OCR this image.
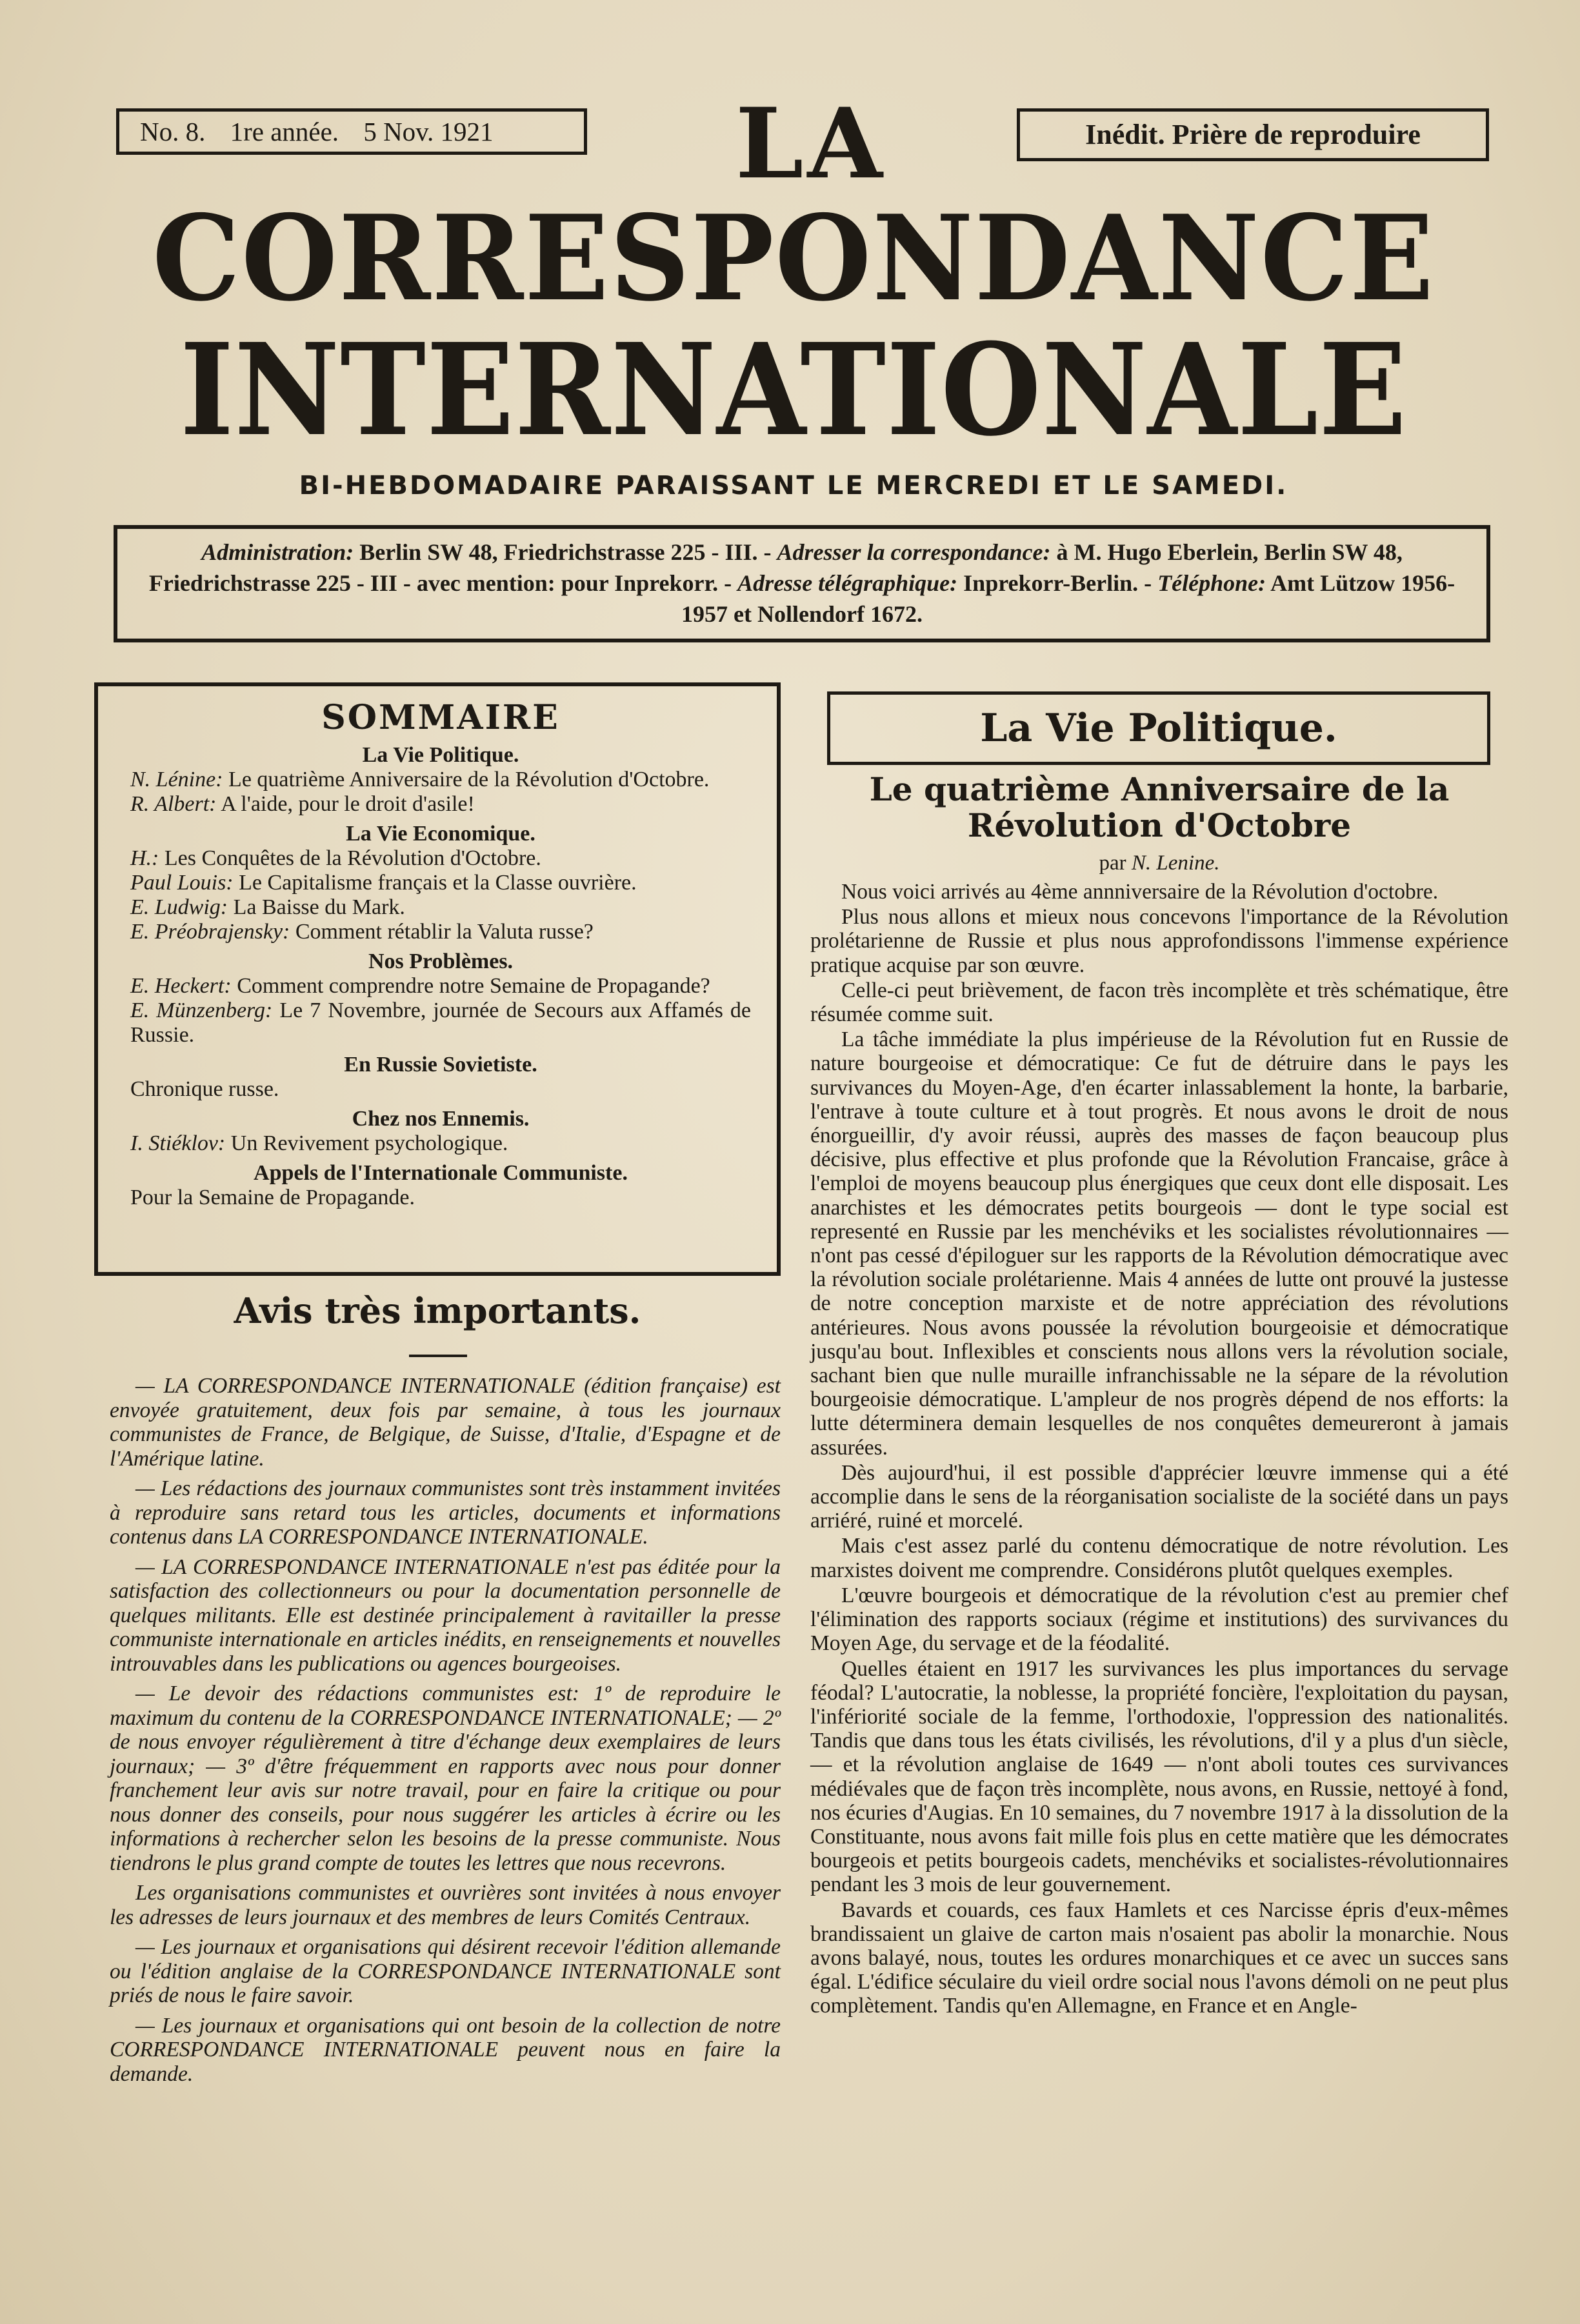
No. 8. 1re année. 5 Nov. 1921	Inédit. Prière de reproduire
LA
CORRESPONDANCE
INTERNATIONALE
BI-HEBDOMADAIRE PARAISSANT LE MERCREDI ET LE SAMEDI.
Administration: Berlin SW 48, Friedrichstrasse 225 - III. - Adresser la correspondance: à M. Hugo Eberlein, Berlin SW 48, Friedrichstrasse 225 - III - avec mention: pour Inprekorr. - Adresse télégraphique: Inprekorr-Berlin. - Téléphone: Amt Lützow 1956-1957 et Nollendorf 1672.
SOMMAIRE
La Vie Politique.
N. Lénine: Le quatrième Anniversaire de la Révolution d'Octobre.
R. Albert: A l'aide, pour le droit d'asile!
La Vie Economique.
H.: Les Conquêtes de la Révolution d'Octobre.
Paul Louis: Le Capitalisme français et la Classe ouvrière.
E. Ludwig: La Baisse du Mark.
E. Préobrajensky: Comment rétablir la Valuta russe?
Nos Problèmes.
E. Heckert: Comment comprendre notre Semaine de Propagande?
E. Münzenberg: Le 7 Novembre, journée de Secours aux Affamés de Russie.
En Russie Sovietiste.
Chronique russe.
Chez nos Ennemis.
I. Stiéklov: Un Revivement psychologique.
Appels de l'Internationale Communiste.
Pour la Semaine de Propagande.
Avis très importants.

— LA CORRESPONDANCE INTERNATIONALE (édition française) est envoyée gratuitement, deux fois par semaine, à tous les journaux communistes de France, de Belgique, de Suisse, d'Italie, d'Espagne et de l'Amérique latine.

— Les rédactions des journaux communistes sont très instamment invitées à reproduire sans retard tous les articles, documents et informations contenus dans LA CORRESPONDANCE INTERNATIONALE.

— LA CORRESPONDANCE INTERNATIONALE n'est pas éditée pour la satisfaction des collectionneurs ou pour la documentation personnelle de quelques militants. Elle est destinée principalement à ravitailler la presse communiste internationale en articles inédits, en renseignements et nouvelles introuvables dans les publications ou agences bourgeoises.

— Le devoir des rédactions communistes est: 1º de reproduire le maximum du contenu de la CORRESPONDANCE INTERNATIONALE; — 2º de nous envoyer régulièrement à titre d'échange deux exemplaires de leurs journaux; — 3º d'être fréquemment en rapports avec nous pour donner franchement leur avis sur notre travail, pour en faire la critique ou pour nous donner des conseils, pour nous suggérer les articles à écrire ou les informations à rechercher selon les besoins de la presse communiste. Nous tiendrons le plus grand compte de toutes les lettres que nous recevrons.

Les organisations communistes et ouvrières sont invitées à nous envoyer les adresses de leurs journaux et des membres de leurs Comités Centraux.

— Les journaux et organisations qui désirent recevoir l'édition allemande ou l'édition anglaise de la CORRESPONDANCE INTERNATIONALE sont priés de nous le faire savoir.

— Les journaux et organisations qui ont besoin de la collection de notre CORRESPONDANCE INTERNATIONALE peuvent nous en faire la demande.

La Vie Politique.
Le quatrième Anniversaire de la
Révolution d'Octobre
par N. Lenine.

Nous voici arrivés au 4ème annniversaire de la Révolution d'octobre.

Plus nous allons et mieux nous concevons l'importance de la Révolution prolétarienne de Russie et plus nous approfondissons l'immense expérience pratique acquise par son œuvre.

Celle-ci peut brièvement, de facon très incomplète et très schématique, être résumée comme suit.

La tâche immédiate la plus impérieuse de la Révolution fut en Russie de nature bourgeoise et démocratique: Ce fut de détruire dans le pays les survivances du Moyen-Age, d'en écarter inlassablement la honte, la barbarie, l'entrave à toute culture et à tout progrès. Et nous avons le droit de nous énorgueillir, d'y avoir réussi, auprès des masses de façon beaucoup plus décisive, plus effective et plus profonde que la Révolution Francaise, grâce à l'emploi de moyens beaucoup plus énergiques que ceux dont elle disposait. Les anarchistes et les démocrates petits bourgeois — dont le type social est representé en Russie par les menchéviks et les socialistes révolutionnaires — n'ont pas cessé d'épiloguer sur les rapports de la Révolution démocratique avec la révolution sociale prolétarienne. Mais 4 années de lutte ont prouvé la justesse de notre conception marxiste et de notre appréciation des révolutions antérieures. Nous avons poussée la révolution bourgeoisie et démocratique jusqu'au bout. Inflexibles et conscients nous allons vers la révolution sociale, sachant bien que nulle muraille infranchissable ne la sépare de la révolution bourgeoisie démocratique. L'ampleur de nos progrès dépend de nos efforts: la lutte déterminera demain lesquelles de nos conquêtes demeureront à jamais assurées.

Dès aujourd'hui, il est possible d'apprécier lœuvre immense qui a été accomplie dans le sens de la réorganisation socialiste de la société dans un pays arriéré, ruiné et morcelé.

Mais c'est assez parlé du contenu démocratique de notre révolution. Les marxistes doivent me comprendre. Considérons plutôt quelques exemples.

L'œuvre bourgeois et démocratique de la révolution c'est au premier chef l'élimination des rapports sociaux (régime et institutions) des survivances du Moyen Age, du servage et de la féodalité.

Quelles étaient en 1917 les survivances les plus importances du servage féodal? L'autocratie, la noblesse, la propriété foncière, l'exploitation du paysan, l'infériorité sociale de la femme, l'orthodoxie, l'oppression des nationalités. Tandis que dans tous les états civilisés, les révolutions, d'il y a plus d'un siècle, — et la révolution anglaise de 1649 — n'ont aboli toutes ces survivances médiévales que de façon très incomplète, nous avons, en Russie, nettoyé à fond, nos écuries d'Augias. En 10 semaines, du 7 novembre 1917 à la dissolution de la Constituante, nous avons fait mille fois plus en cette matière que les démocrates bourgeois et petits bourgeois cadets, menchéviks et socialistes-révolutionnaires pendant les 3 mois de leur gouvernement.

Bavards et couards, ces faux Hamlets et ces Narcisse épris d'eux-mêmes brandissaient un glaive de carton mais n'osaient pas abolir la monarchie. Nous avons balayé, nous, toutes les ordures monarchiques et ce avec un succes sans égal. L'édifice séculaire du vieil ordre social nous l'avons démoli on ne peut plus complètement. Tandis qu'en Allemagne, en France et en Angle-
